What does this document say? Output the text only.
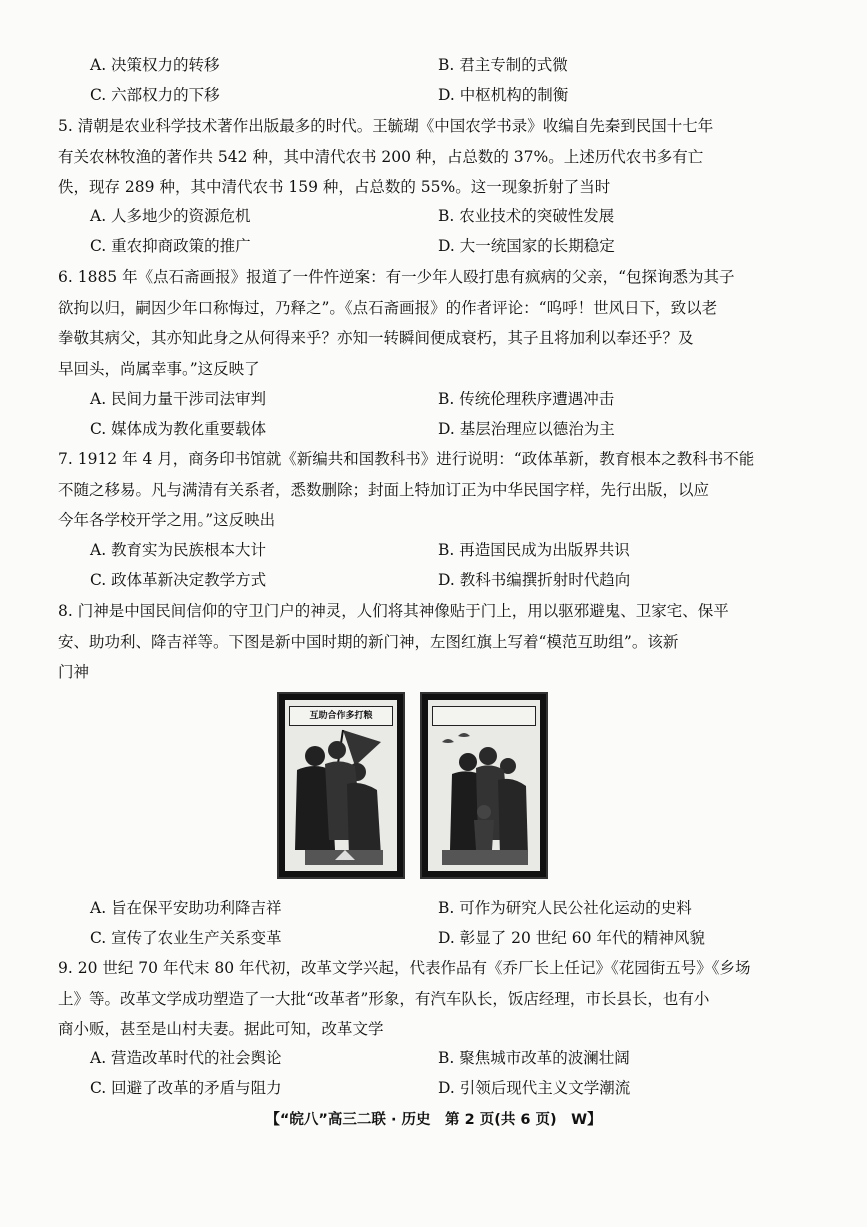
A. 决策权力的转移	B. 君主专制的式微
C. 六部权力的下移	D. 中枢机构的制衡

5. 清朝是农业科学技术著作出版最多的时代。王毓瑚《中国农学书录》收编自先秦到民国十七年

有关农林牧渔的著作共 542 种，其中清代农书 200 种，占总数的 37%。上述历代农书多有亡

佚，现存 289 种，其中清代农书 159 种，占总数的 55%。这一现象折射了当时

A. 人多地少的资源危机	B. 农业技术的突破性发展
C. 重农抑商政策的推广	D. 大一统国家的长期稳定

6. 1885 年《点石斋画报》报道了一件忤逆案：有一少年人殴打患有疯病的父亲，“包探询悉为其子

欲拘以归，嗣因少年口称悔过，乃释之”。《点石斋画报》的作者评论：“呜呼！世风日下，致以老

拳敬其病父，其亦知此身之从何得来乎？亦知一转瞬间便成衰朽，其子且将加利以奉还乎？及

早回头，尚属幸事。”这反映了

A. 民间力量干涉司法审判	B. 传统伦理秩序遭遇冲击
C. 媒体成为教化重要载体	D. 基层治理应以德治为主

7. 1912 年 4 月，商务印书馆就《新编共和国教科书》进行说明：“政体革新，教育根本之教科书不能

不随之移易。凡与满清有关系者，悉数删除；封面上特加订正为中华民国字样，先行出版，以应

今年各学校开学之用。”这反映出

A. 教育实为民族根本大计	B. 再造国民成为出版界共识
C. 政体革新决定教学方式	D. 教科书编撰折射时代趋向

8. 门神是中国民间信仰的守卫门户的神灵，人们将其神像贴于门上，用以驱邪避鬼、卫家宅、保平

安、助功利、降吉祥等。下图是新中国时期的新门神，左图红旗上写着“模范互助组”。该新

门神

互助合作多打粮
A. 旨在保平安助功利降吉祥	B. 可作为研究人民公社化运动的史料
C. 宣传了农业生产关系变革	D. 彰显了 20 世纪 60 年代的精神风貌

9. 20 世纪 70 年代末 80 年代初，改革文学兴起，代表作品有《乔厂长上任记》《花园街五号》《乡场

上》等。改革文学成功塑造了一大批“改革者”形象，有汽车队长，饭店经理，市长县长，也有小

商小贩，甚至是山村夫妻。据此可知，改革文学

A. 营造改革时代的社会舆论	B. 聚焦城市改革的波澜壮阔
C. 回避了改革的矛盾与阻力	D. 引领后现代主义文学潮流
【“皖八”高三二联 · 历史　第 2 页(共 6 页)　W】
